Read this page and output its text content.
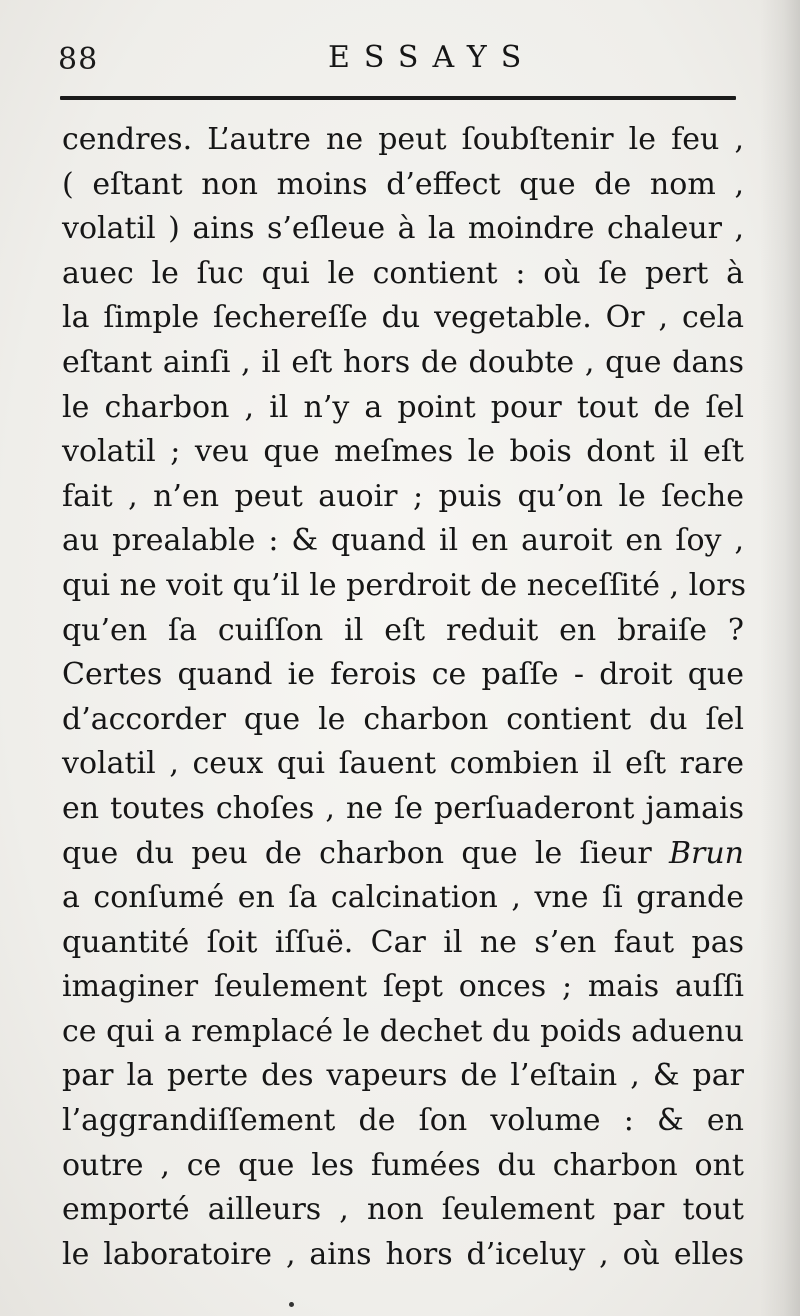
88	ESSAYS
cendres. L’autre ne peut ſoubſtenir le feu ,
( eſtant non moins d’effect que de nom ,
volatil ) ains s’eſleue à la moindre chaleur ,
auec le ſuc qui le contient : où ſe pert à
la ſimple ſechereſſe du vegetable. Or , cela
eſtant ainſi , il eſt hors de doubte , que dans
le charbon , il n’y a point pour tout de ſel
volatil ; veu que meſmes le bois dont il eſt
fait , n’en peut auoir ; puis qu’on le ſeche
au prealable : & quand il en auroit en ſoy ,
qui ne voit qu’il le perdroit de neceſſité , lors
qu’en ſa cuiſſon il eſt reduit en braiſe ?
Certes quand ie ferois ce paſſe - droit que
d’accorder que le charbon contient du ſel
volatil , ceux qui ſauent combien il eſt rare
en toutes choſes , ne ſe perſuaderont jamais
que du peu de charbon que le ſieur Brun
a conſumé en ſa calcination , vne ſi grande
quantité ſoit iſſuë. Car il ne s’en faut pas
imaginer ſeulement ſept onces ; mais auſſi
ce qui a remplacé le dechet du poids aduenu
par la perte des vapeurs de l’eſtain , & par
l’aggrandiſſement de ſon volume : & en
outre , ce que les fumées du charbon ont
emporté ailleurs , non ſeulement par tout
le laboratoire , ains hors d’iceluy , où elles
